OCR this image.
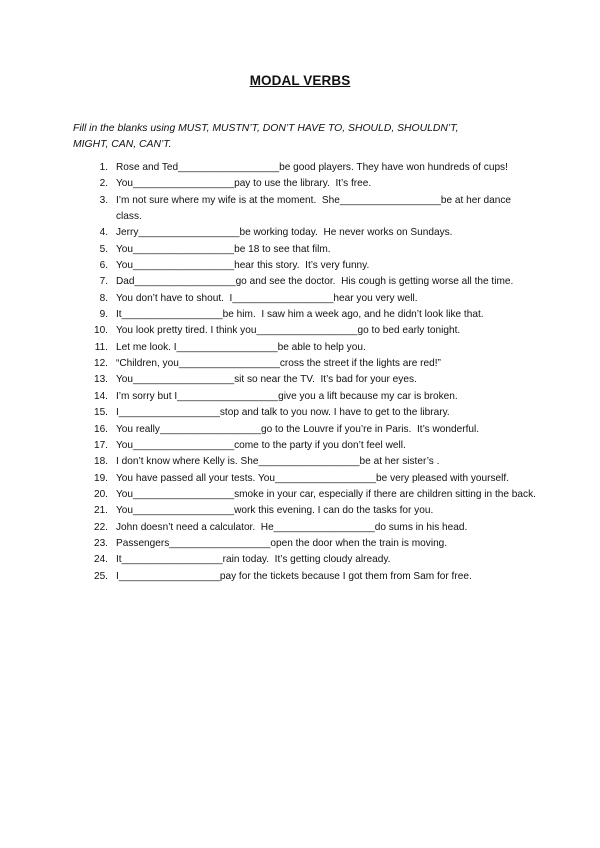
MODAL VERBS
Fill in the blanks using MUST, MUSTN’T, DON’T HAVE TO, SHOULD, SHOULDN’T,
MIGHT, CAN, CAN’T.
1. Rose and Ted__________________be good players. They have won hundreds of cups!
2. You__________________pay to use the library.  It’s free.
3. I’m not sure where my wife is at the moment.  She__________________be at her dance class.
4. Jerry__________________be working today.  He never works on Sundays.
5. You__________________be 18 to see that film.
6. You__________________hear this story.  It’s very funny.
7. Dad__________________go and see the doctor.  His cough is getting worse all the time.
8. You don’t have to shout.  I__________________hear you very well.
9. It__________________be him.  I saw him a week ago, and he didn’t look like that.
10. You look pretty tired. I think you__________________go to bed early tonight.
11. Let me look. I__________________be able to help you.
12. “Children, you__________________cross the street if the lights are red!”
13. You__________________sit so near the TV.  It’s bad for your eyes.
14. I’m sorry but I__________________give you a lift because my car is broken.
15. I__________________stop and talk to you now. I have to get to the library.
16. You really__________________go to the Louvre if you’re in Paris.  It’s wonderful.
17. You__________________come to the party if you don’t feel well.
18. I don’t know where Kelly is. She__________________be at her sister’s .
19. You have passed all your tests. You__________________be very pleased with yourself.
20. You__________________smoke in your car, especially if there are children sitting in the back.
21. You__________________work this evening. I can do the tasks for you.
22. John doesn’t need a calculator.  He__________________do sums in his head.
23. Passengers__________________open the door when the train is moving.
24. It__________________rain today.  It’s getting cloudy already.
25. I__________________pay for the tickets because I got them from Sam for free.
